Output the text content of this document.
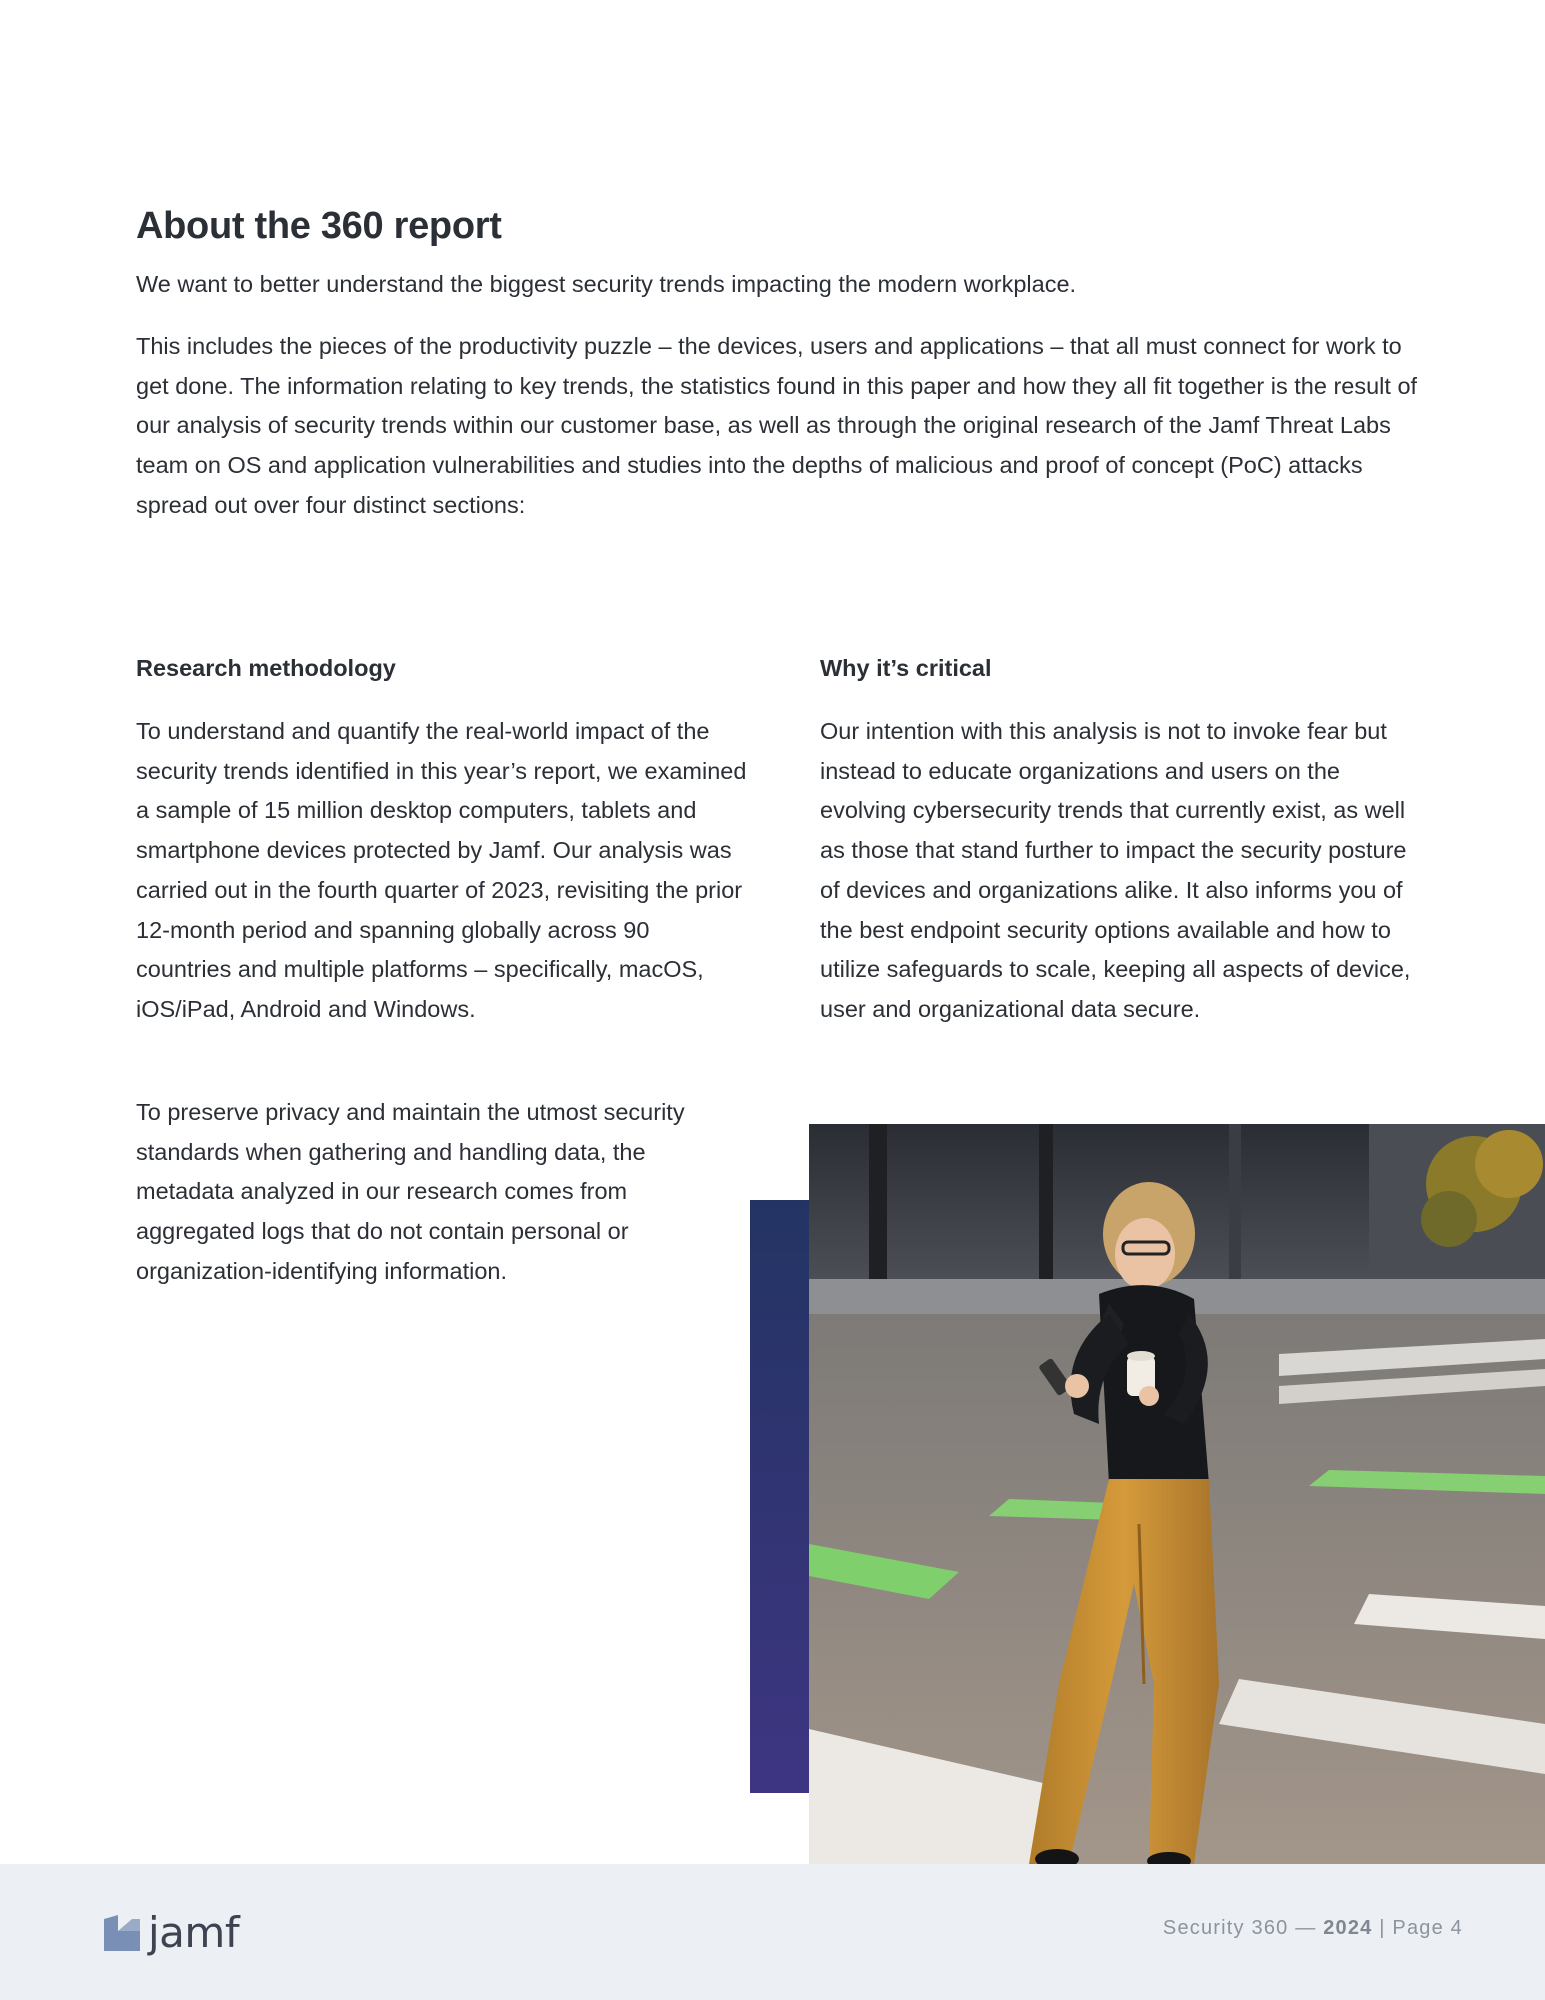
About the 360 report

We want to better understand the biggest security trends impacting the modern workplace.

This includes the pieces of the productivity puzzle – the devices, users and applications – that all must connect for work to get done. The information relating to key trends, the statistics found in this paper and how they all fit together is the result of our analysis of security trends within our customer base, as well as through the original research of the Jamf Threat Labs team on OS and application vulnerabilities and studies into the depths of malicious and proof of concept (PoC) attacks spread out over four distinct sections:

Research methodology

To understand and quantify the real-world impact of the security trends identified in this year’s report, we examined a sample of 15 million desktop computers, tablets and smartphone devices protected by Jamf. Our analysis was carried out in the fourth quarter of 2023, revisiting the prior 12-month period and spanning globally across 90 countries and multiple platforms – specifically, macOS, iOS/iPad, Android and Windows.

To preserve privacy and maintain the utmost security standards when gathering and handling data, the metadata analyzed in our research comes from aggregated logs that do not contain personal or organization-identifying information.

Why it’s critical

Our intention with this analysis is not to invoke fear but instead to educate organizations and users on the evolving cybersecurity trends that currently exist, as well as those that stand further to impact the security posture of devices and organizations alike. It also informs you of the best endpoint security options available and how to utilize safeguards to scale, keeping all aspects of device, user and organizational data secure.

jamf	Security 360 — 2024 | Page 4
